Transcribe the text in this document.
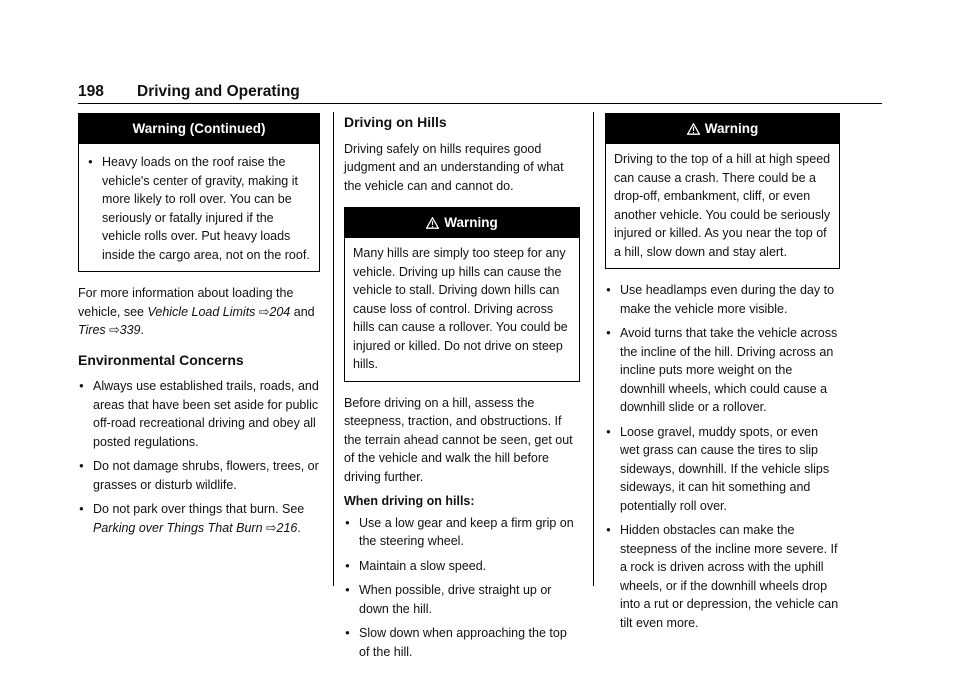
198 Driving and Operating
Warning (Continued)
● Heavy loads on the roof raise the vehicle's center of gravity, making it more likely to roll over. You can be seriously or fatally injured if the vehicle rolls over. Put heavy loads inside the cargo area, not on the roof.

For more information about loading the vehicle, see Vehicle Load Limits ⇨204 and Tires ⇨339.

Environmental Concerns
● Always use established trails, roads, and areas that have been set aside for public off-road recreational driving and obey all posted regulations.
● Do not damage shrubs, flowers, trees, or grasses or disturb wildlife.
● Do not park over things that burn. See Parking over Things That Burn ⇨216.
Driving on Hills

Driving safely on hills requires good judgment and an understanding of what the vehicle can and cannot do.

Warning

Many hills are simply too steep for any vehicle. Driving up hills can cause the vehicle to stall. Driving down hills can cause loss of control. Driving across hills can cause a rollover. You could be injured or killed. Do not drive on steep hills.

Before driving on a hill, assess the steepness, traction, and obstructions. If the terrain ahead cannot be seen, get out of the vehicle and walk the hill before driving further.

When driving on hills:

● Use a low gear and keep a firm grip on the steering wheel.
● Maintain a slow speed.
● When possible, drive straight up or down the hill.
● Slow down when approaching the top of the hill.
Warning

Driving to the top of a hill at high speed can cause a crash. There could be a drop-off, embankment, cliff, or even another vehicle. You could be seriously injured or killed. As you near the top of a hill, slow down and stay alert.

● Use headlamps even during the day to make the vehicle more visible.
● Avoid turns that take the vehicle across the incline of the hill. Driving across an incline puts more weight on the downhill wheels, which could cause a downhill slide or a rollover.
● Loose gravel, muddy spots, or even wet grass can cause the tires to slip sideways, downhill. If the vehicle slips sideways, it can hit something and potentially roll over.
● Hidden obstacles can make the steepness of the incline more severe. If a rock is driven across with the uphill wheels, or if the downhill wheels drop into a rut or depression, the vehicle can tilt even more.
